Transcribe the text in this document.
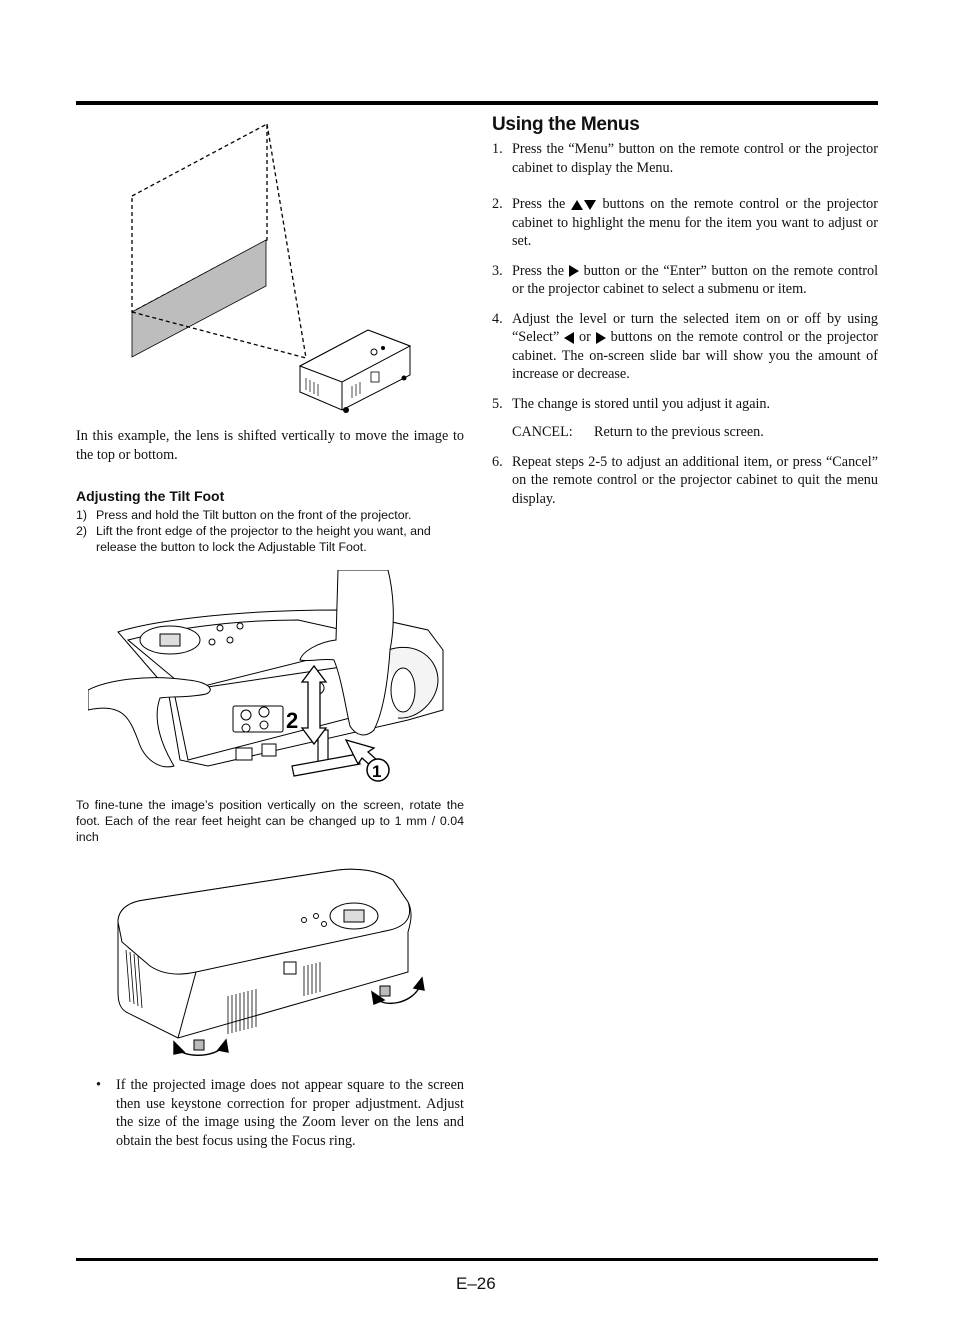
In this example, the lens is shifted vertically to move the image to the top or bottom.

Adjusting the Tilt Foot
1) Press and hold the Tilt button on the front of the projector.
2) Lift the front edge of the projector to the height you want, and release the button to lock the Adjustable Tilt Foot.
2
1

To fine-tune the image’s position vertically on the screen, rotate the foot. Each of the rear feet height can be changed up to 1 mm / 0.04 inch

• If the projected image does not appear square to the screen then use keystone correction for proper adjustment. Adjust the size of the image using the Zoom lever on the lens and obtain the best focus using the Focus ring.
Using the Menus
1. Press the “Menu” button on the remote control or the projector cabinet to display the Menu.
2. Press the	buttons on the remote control or the projector cabinet to highlight the menu for the item you want to adjust or set.
3. Press the button or the “Enter” button on the remote control or the projector cabinet to select a submenu or item.
4. Adjust the level or turn the selected item on or off by using “Select” or buttons on the remote control or the projector cabinet. The on-screen slide bar will show you the amount of increase or decrease.
5. The change is stored until you adjust it again.
CANCEL: Return to the previous screen.
6. Repeat steps 2-5 to adjust an additional item, or press “Cancel” on the remote control or the projector cabinet to quit the menu display.
E–26
